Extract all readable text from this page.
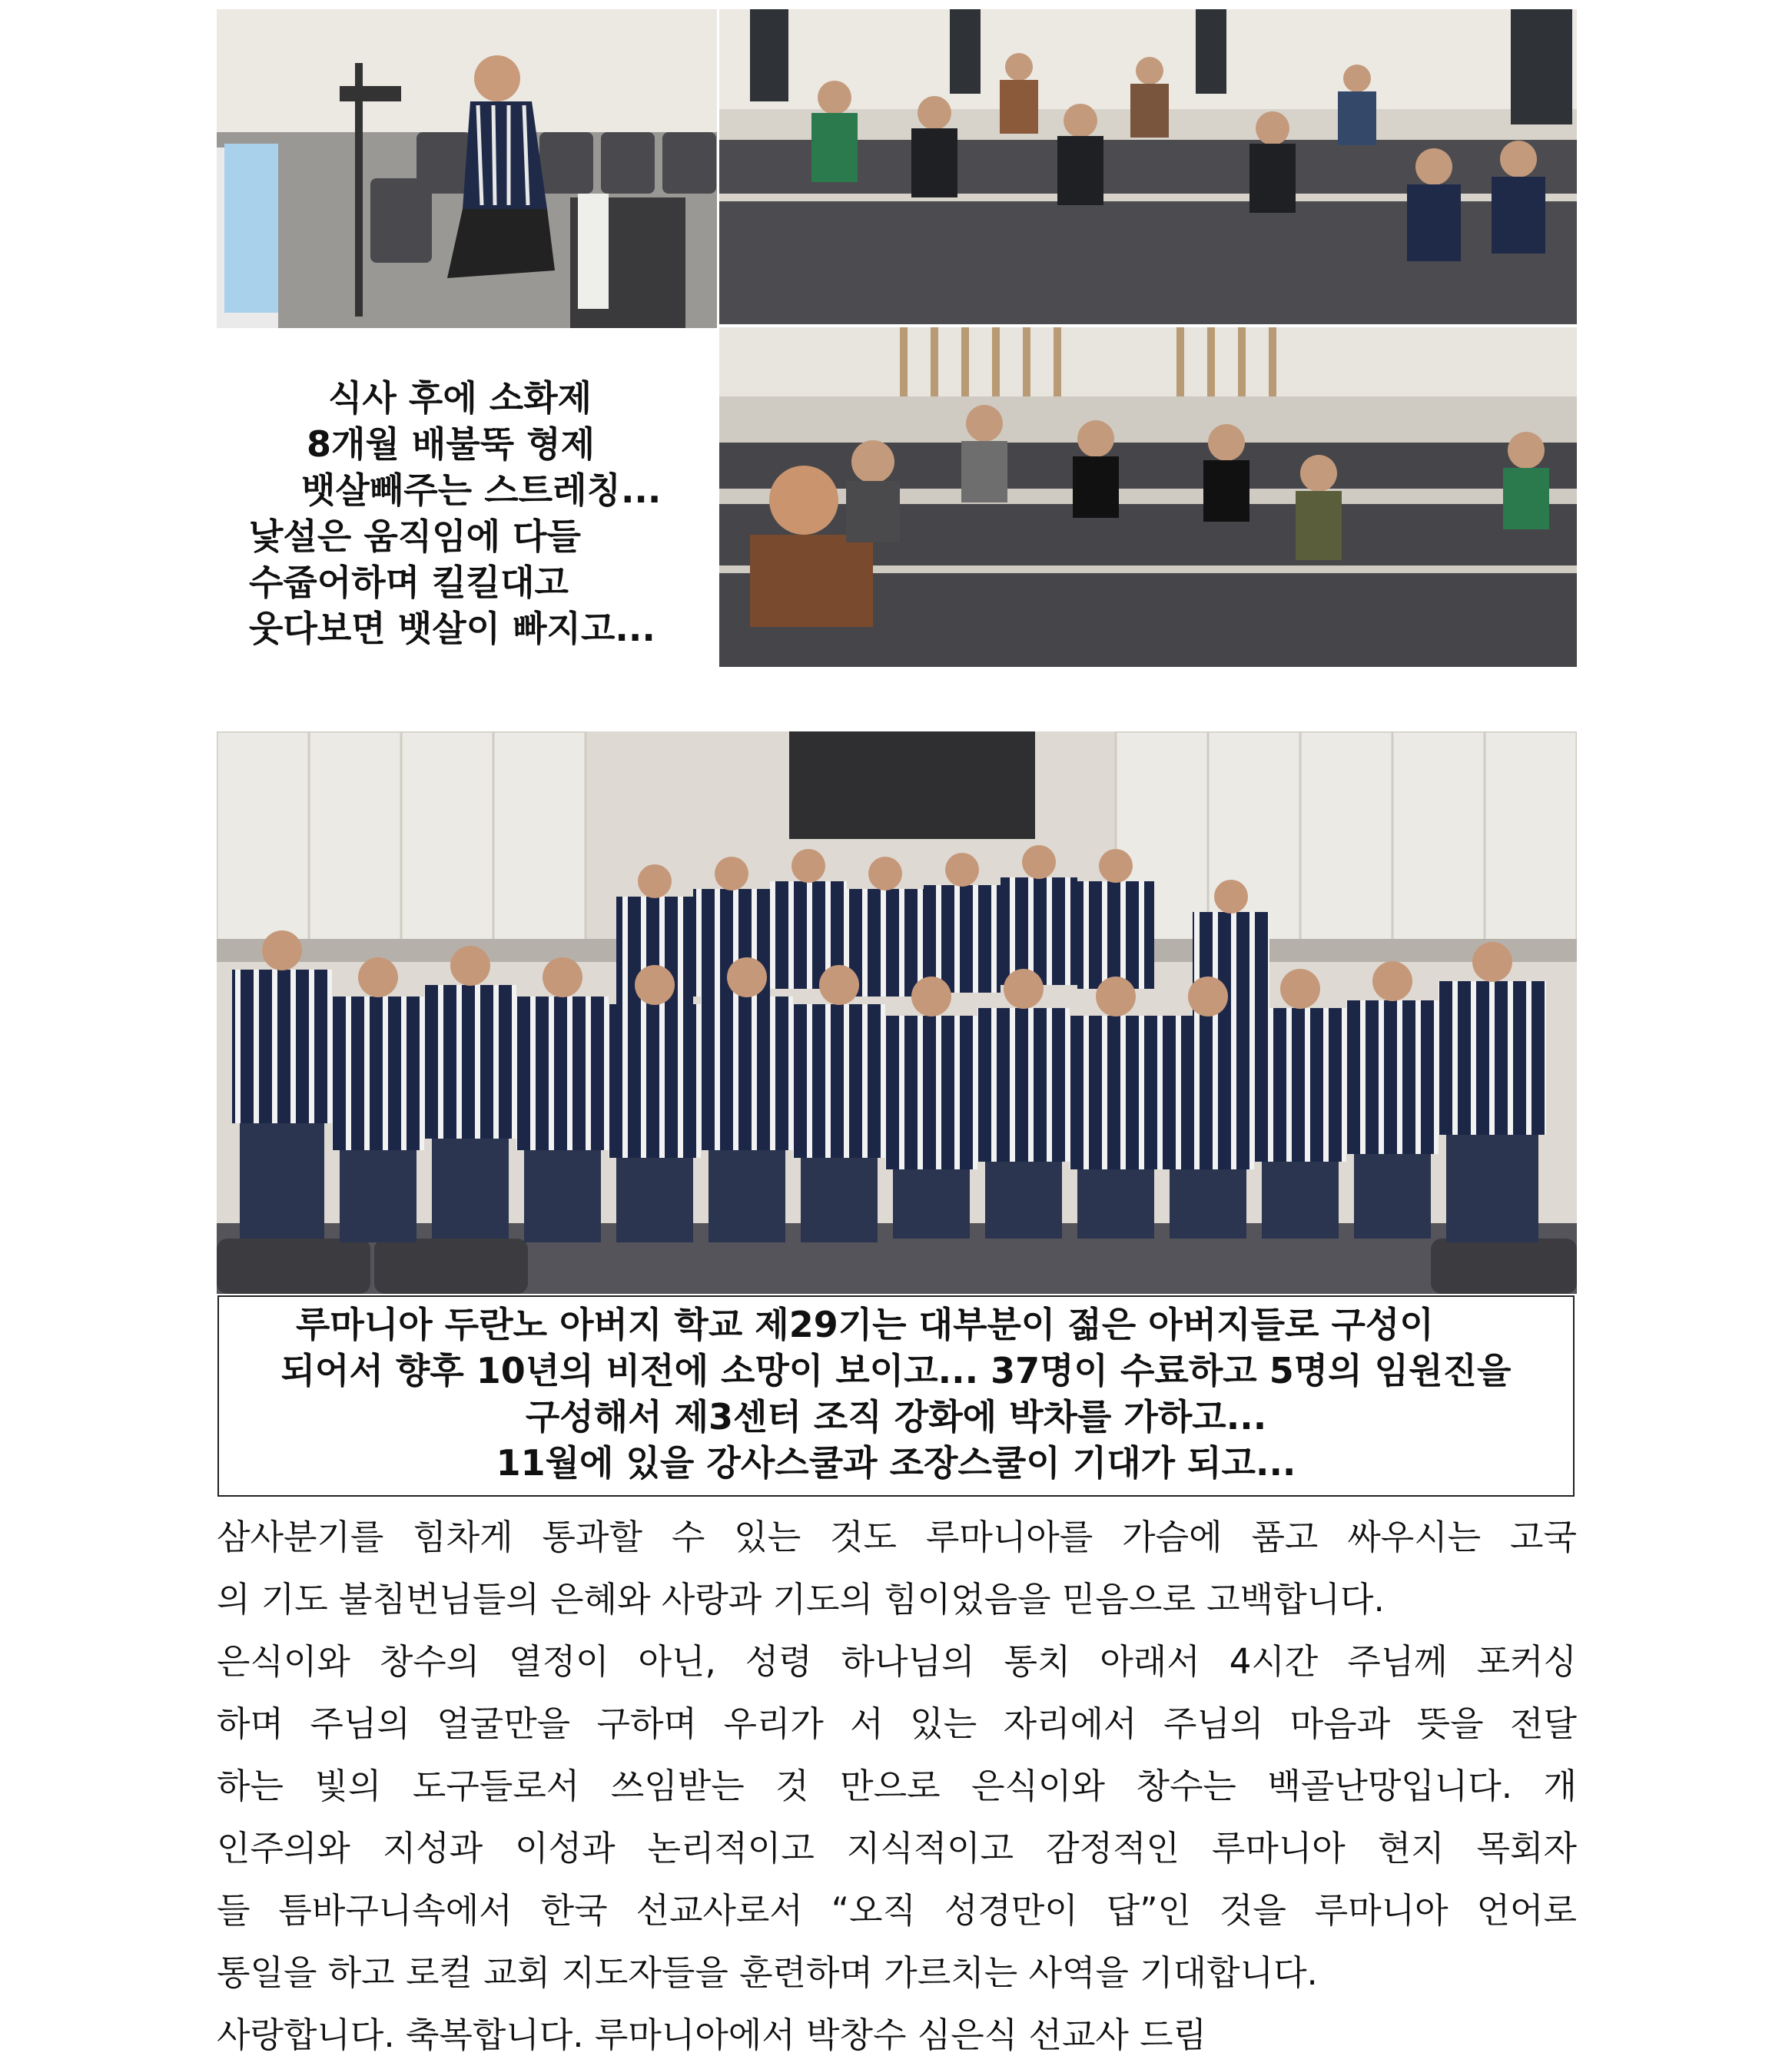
식사 후에 소화제
8개월 배불뚝 형제
뱃살빼주는 스트레칭...
낯설은 움직임에 다들
수줍어하며 킬킬대고
웃다보면 뱃살이 빠지고...
루마니아 두란노 아버지 학교 제29기는 대부분이 젊은 아버지들로 구성이
되어서 향후 10년의 비전에 소망이 보이고... 37명이 수료하고 5명의 임원진을
구성해서 제3센터 조직 강화에 박차를 가하고...
11월에 있을 강사스쿨과 조장스쿨이 기대가 되고...
삼사분기를 힘차게 통과할 수 있는 것도 루마니아를 가슴에 품고 싸우시는 고국
의 기도 불침번님들의 은혜와 사랑과 기도의 힘이었음을 믿음으로 고백합니다.
은식이와 창수의 열정이 아닌, 성령 하나님의 통치 아래서 4시간 주님께 포커싱
하며 주님의 얼굴만을 구하며 우리가 서 있는 자리에서 주님의 마음과 뜻을 전달
하는 빛의 도구들로서 쓰임받는 것 만으로 은식이와 창수는 백골난망입니다. 개
인주의와 지성과 이성과 논리적이고 지식적이고 감정적인 루마니아 현지 목회자
들 틈바구니속에서 한국 선교사로서 “오직 성경만이 답”인 것을 루마니아 언어로
통일을 하고 로컬 교회 지도자들을 훈련하며 가르치는 사역을 기대합니다.
사랑합니다. 축복합니다. 루마니아에서 박창수 심은식 선교사 드림
